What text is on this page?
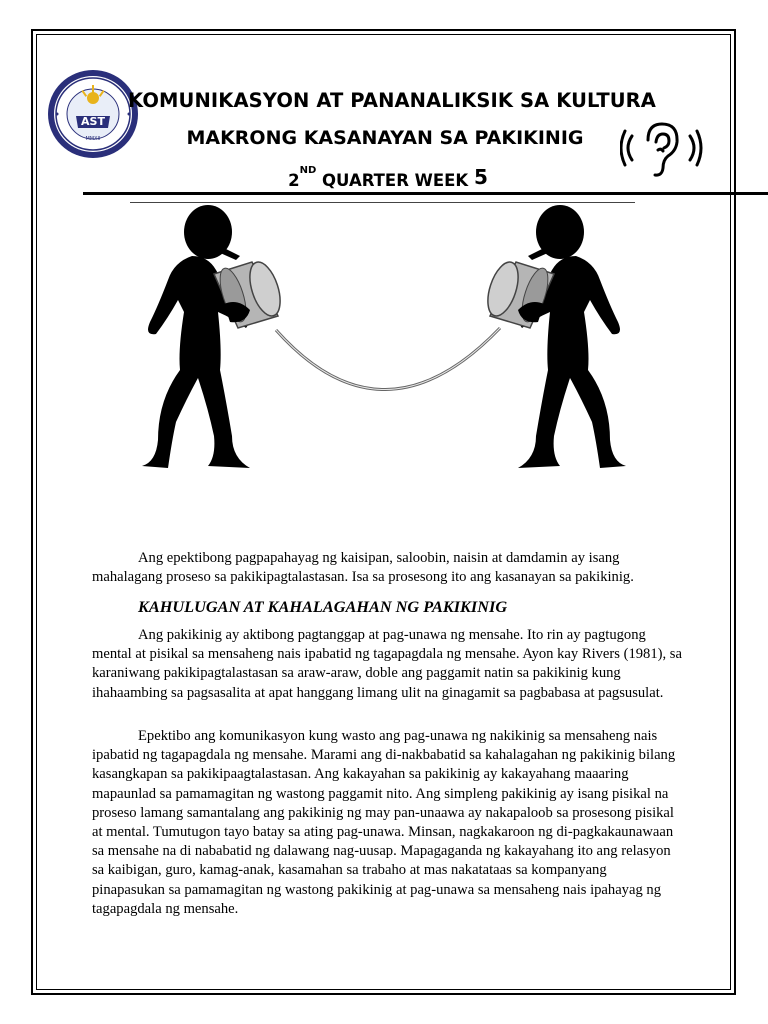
AST
MMXII
KOMUNIKASYON AT PANANALIKSIK SA KULTURA
MAKRONG KASANAYAN SA PAKIKINIG
2ND QUARTER WEEK 5

Ang epektibong pagpapahayag ng kaisipan, saloobin, naisin at damdamin ay isang mahalagang proseso sa pakikipagtalastasan. Isa sa prosesong ito ang kasanayan sa pakikinig.

KAHULUGAN AT KAHALAGAHAN NG PAKIKINIG

Ang pakikinig ay aktibong pagtanggap at pag-unawa ng mensahe. Ito rin ay pagtugong mental at pisikal sa mensaheng nais ipabatid ng tagapagdala ng mensahe. Ayon kay Rivers (1981), sa karaniwang pakikipagtalastasan sa araw-araw, doble ang paggamit natin sa pakikinig kung ihahaambing sa pagsasalita at apat hanggang limang ulit na ginagamit sa pagbabasa at pagsusulat.

Epektibo ang komunikasyon kung wasto ang pag-unawa ng nakikinig sa mensaheng nais ipabatid ng tagapagdala ng mensahe. Marami ang di-nakbabatid sa kahalagahan ng pakikinig bilang kasangkapan sa pakikipaagtalastasan. Ang kakayahan sa pakikinig ay kakayahang maaaring mapaunlad sa pamamagitan ng wastong paggamit nito. Ang simpleng pakikinig ay isang pisikal na proseso lamang samantalang ang pakikinig ng may pan-unaawa ay nakapaloob sa prosesong pisikal at mental. Tumutugon tayo batay sa ating pag-unawa. Minsan, nagkakaroon ng di-pagkakaunawaan sa mensahe na di nababatid ng dalawang nag-uusap. Mapagaganda ng kakayahang ito ang relasyon sa kaibigan, guro, kamag-anak, kasamahan sa trabaho at mas nakatataas sa kompanyang pinapasukan sa pamamagitan ng wastong pakikinig at pag-unawa sa mensaheng nais ipahayag ng tagapagdala ng mensahe.
